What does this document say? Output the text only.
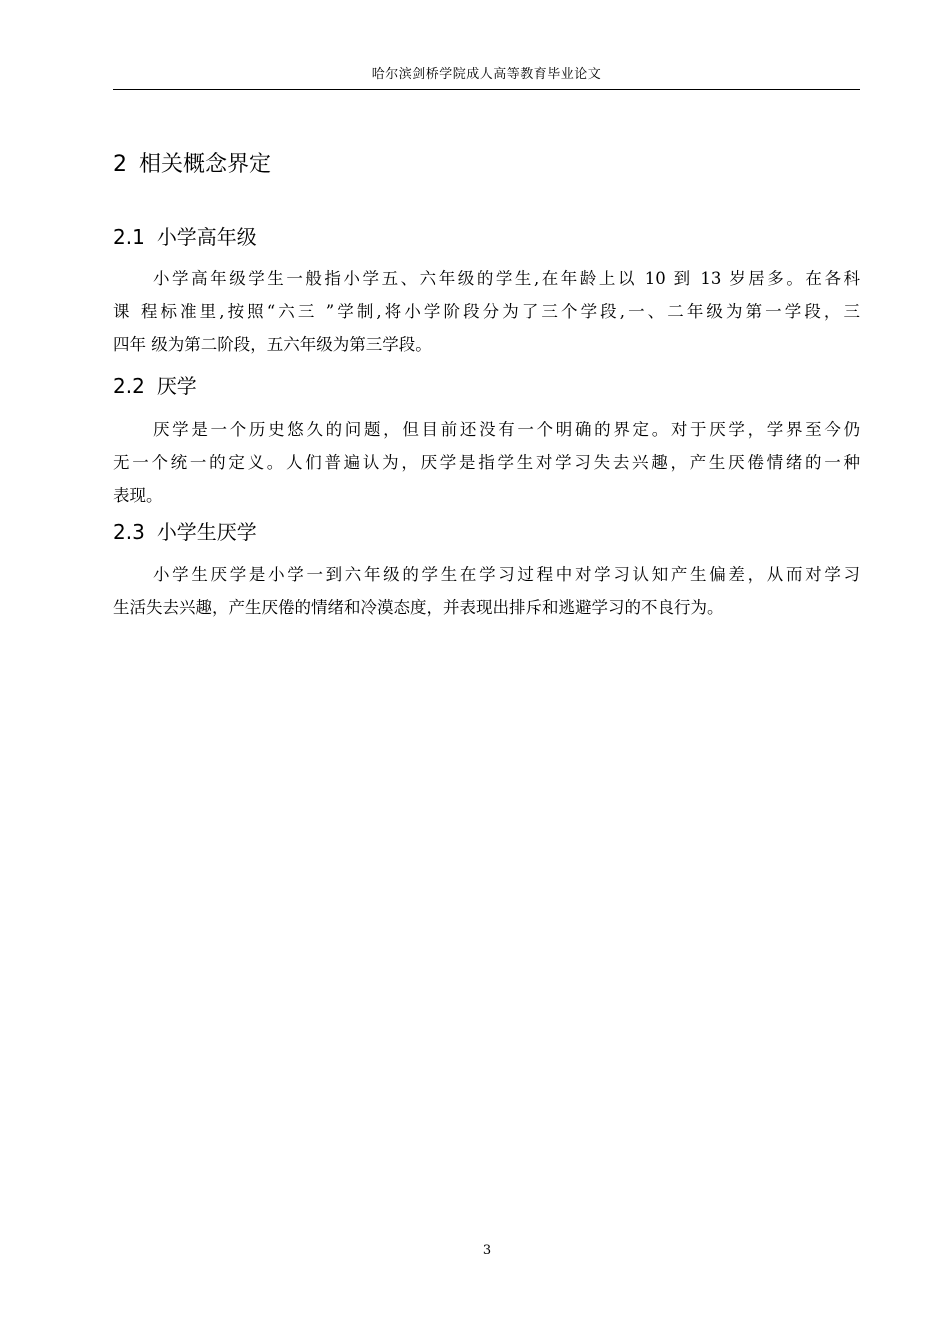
哈尔滨剑桥学院成人高等教育毕业论文
2 相关概念界定
2.1 小学高年级
小学高年级学生一般指小学五、六年级的学生,在年龄上以 10 到 13 岁居多。在各科
课 程标准里,按照“六三 ”学制,将小学阶段分为了三个学段,一、二年级为第一学段，三
四年 级为第二阶段，五六年级为第三学段。
2.2 厌学
厌学是一个历史悠久的问题，但目前还没有一个明确的界定。对于厌学，学界至今仍
无一个统一的定义。人们普遍认为，厌学是指学生对学习失去兴趣，产生厌倦情绪的一种
表现。
2.3 小学生厌学
小学生厌学是小学一到六年级的学生在学习过程中对学习认知产生偏差，从而对学习
生活失去兴趣，产生厌倦的情绪和冷漠态度，并表现出排斥和逃避学习的不良行为。
3
